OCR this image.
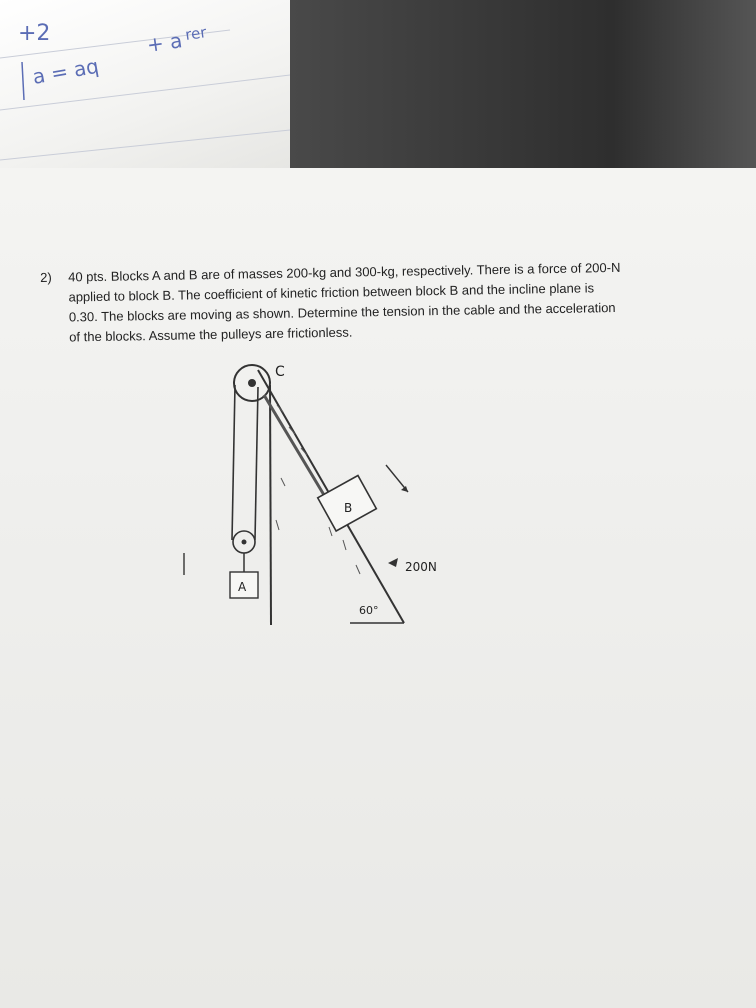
+2
a = aq
+ a rer
2) 40 pts. Blocks A and B are of masses 200-kg and 300-kg, respectively. There is a force of 200-N
applied to block B. The coefficient of kinetic friction between block B and the incline plane is
0.30. The blocks are moving as shown. Determine the tension in the cable and the acceleration
of the blocks. Assume the pulleys are frictionless.
C
A
B
200N
60°
